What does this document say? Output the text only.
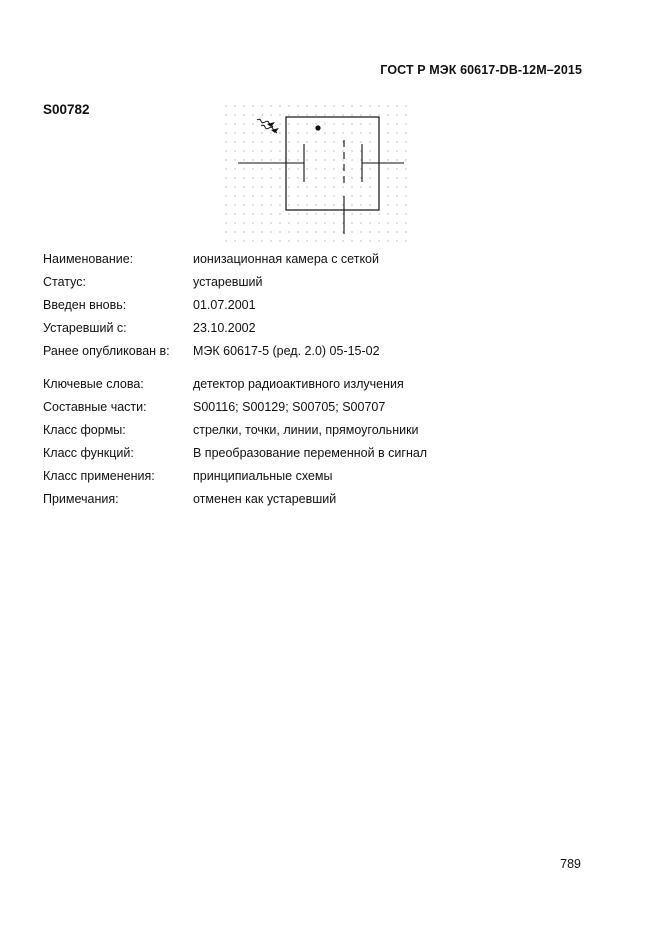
ГОСТ Р МЭК 60617-DB-12M–2015
S00782
Наименование:	ионизационная камера с сеткой
Статус:	устаревший
Введен вновь:	01.07.2001
Устаревший с:	23.10.2002
Ранее опубликован в: МЭК 60617-5 (ред. 2.0) 05-15-02
Ключевые слова:	детектор радиоактивного излучения
Составные части:	S00116; S00129; S00705; S00707
Класс формы:	стрелки, точки, линии, прямоугольники
Класс функций:	В преобразование переменной в сигнал
Класс применения:	принципиальные схемы
Примечания:	отменен как устаревший
789
